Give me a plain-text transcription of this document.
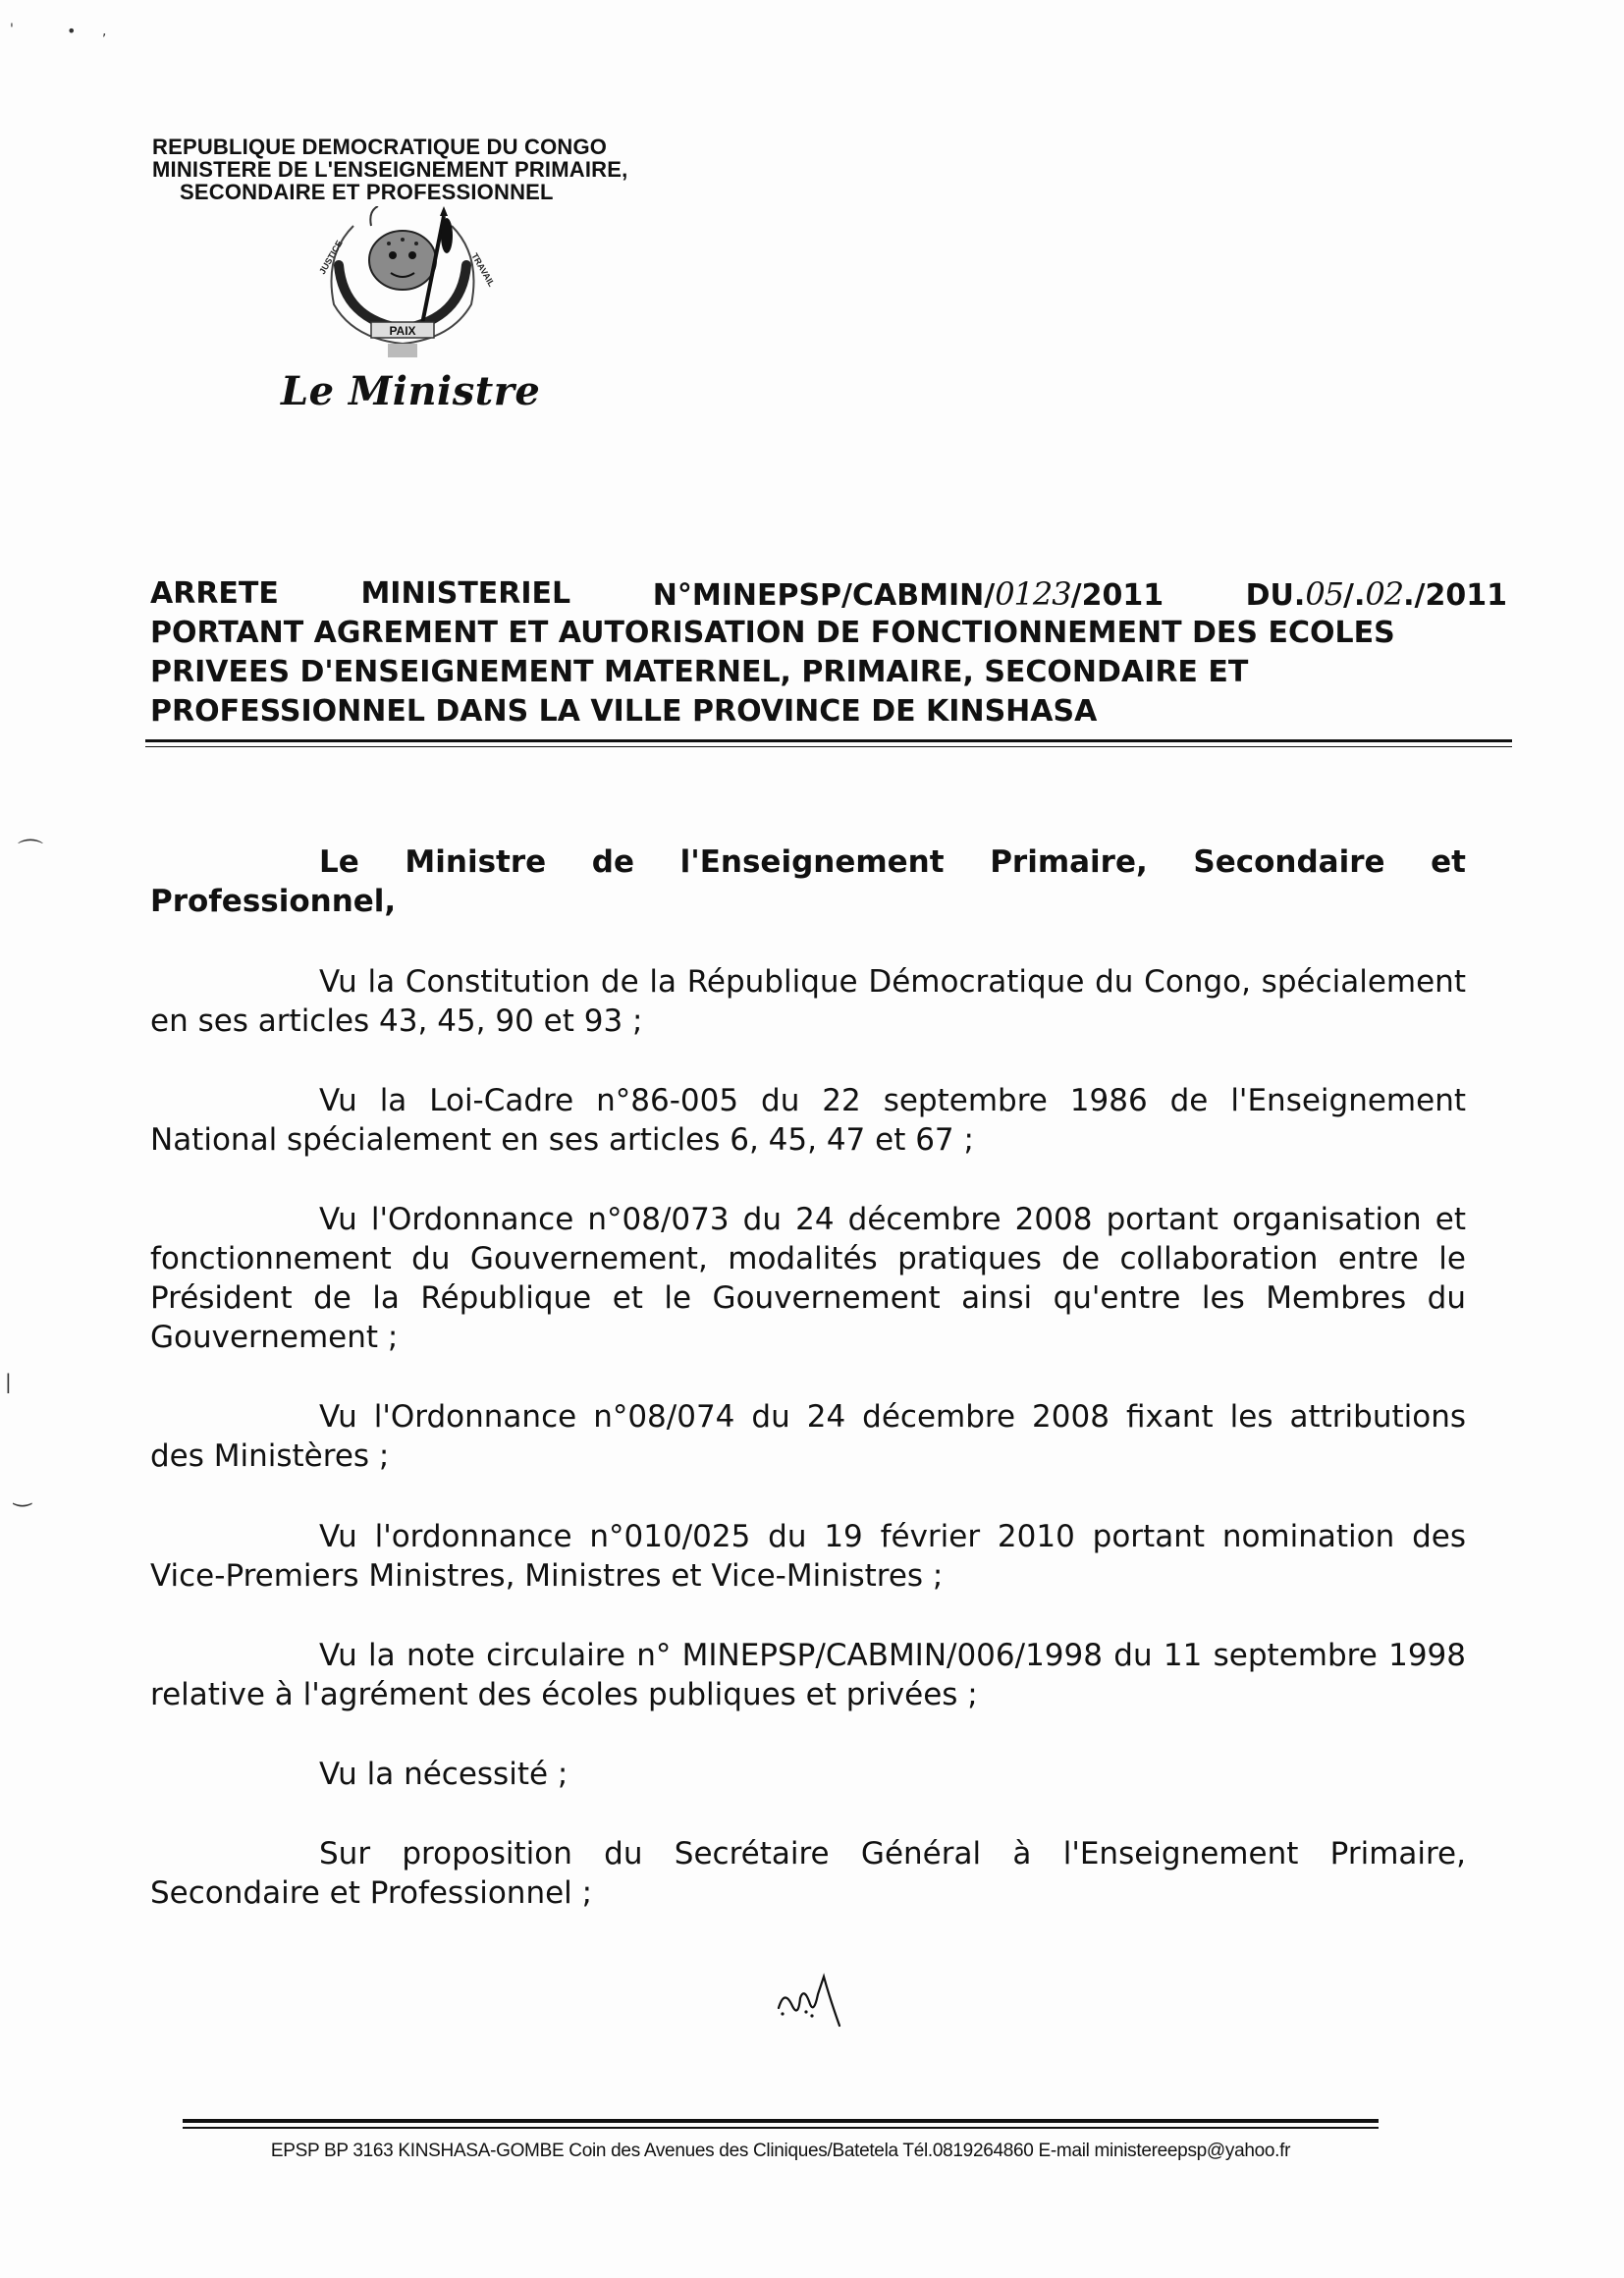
'	• ,
REPUBLIQUE DEMOCRATIQUE DU CONGO
MINISTERE DE L'ENSEIGNEMENT PRIMAIRE,
SECONDAIRE ET PROFESSIONNEL
PAIX
JUSTICE	TRAVAIL
Le Ministre
ARRETE	MINISTERIEL	N°MINEPSP/CABMIN/0123/2011	DU.05/.02./2011
PORTANT AGREMENT ET AUTORISATION DE FONCTIONNEMENT DES ECOLES
PRIVEES D'ENSEIGNEMENT MATERNEL, PRIMAIRE, SECONDAIRE ET
PROFESSIONNEL DANS LA VILLE PROVINCE DE KINSHASA
⌒
‿
|
Le Ministre de l'Enseignement Primaire, Secondaire et
Professionnel,
Vu la Constitution de la République Démocratique du Congo, spécialement en ses articles 43, 45, 90 et 93 ;
Vu la Loi-Cadre n°86-005 du 22 septembre 1986 de l'Enseignement National spécialement en ses articles 6, 45, 47 et 67 ;
Vu l'Ordonnance n°08/073 du 24 décembre 2008 portant organisation et fonctionnement du Gouvernement, modalités pratiques de collaboration entre le Président de la République et le Gouvernement ainsi qu'entre les Membres du Gouvernement ;
Vu l'Ordonnance n°08/074 du 24 décembre 2008 fixant les attributions des Ministères ;
Vu l'ordonnance n°010/025 du 19 février 2010 portant nomination des Vice-Premiers Ministres, Ministres et Vice-Ministres ;
Vu la note circulaire n° MINEPSP/CABMIN/006/1998 du 11 septembre 1998 relative à l'agrément des écoles publiques et privées ;
Vu la nécessité ;
Sur proposition du Secrétaire Général à l'Enseignement Primaire, Secondaire et Professionnel ;
EPSP BP 3163 KINSHASA-GOMBE Coin des Avenues des Cliniques/Batetela Tél.0819264860 E-mail ministereepsp@yahoo.fr
